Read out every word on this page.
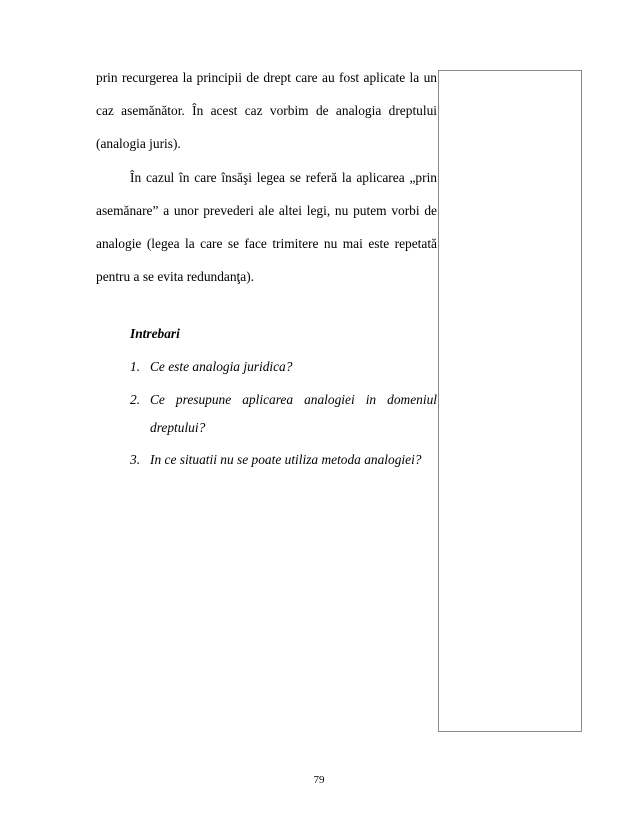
prin recurgerea la principii de drept care au fost aplicate la un
caz asemănător. În acest caz vorbim de analogia dreptului
(analogia juris).
În cazul în care însăşi legea se referă la aplicarea „prin
asemănare” a unor prevederi ale altei legi, nu putem vorbi de
analogie (legea la care se face trimitere nu mai este repetată
pentru a se evita redundanţa).
Intrebari
1. Ce este analogia juridica?
2. Ce presupune aplicarea analogiei in domeniul
dreptului?
3. In ce situatii nu se poate utiliza metoda analogiei?
79
